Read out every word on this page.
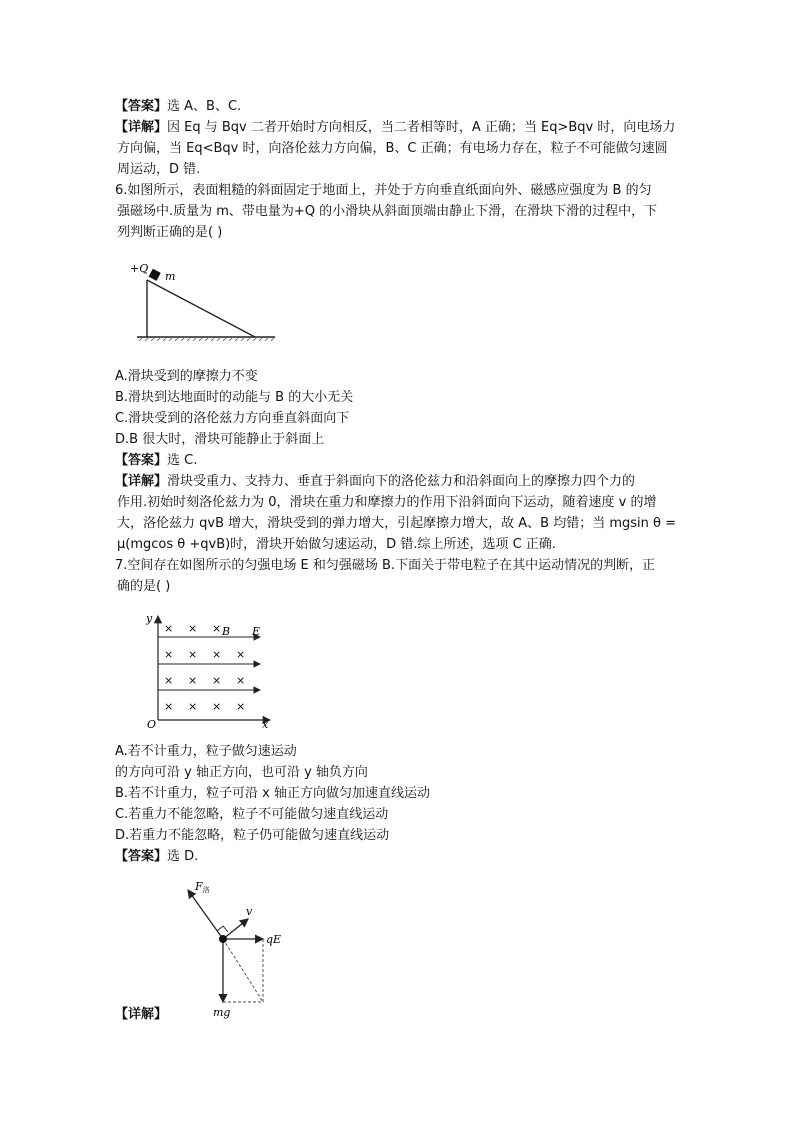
【答案】选 A、B、C.
【详解】因 Eq 与 Bqv 二者开始时方向相反，当二者相等时，A 正确；当 Eq>Bqv 时，向电场力
方向偏，当 Eq<Bqv 时，向洛伦兹力方向偏，B、C 正确；有电场力存在，粒子不可能做匀速圆
周运动，D 错.
6.如图所示，表面粗糙的斜面固定于地面上，并处于方向垂直纸面向外、磁感应强度为 B 的匀
强磁场中.质量为 m、带电量为+Q 的小滑块从斜面顶端由静止下滑，在滑块下滑的过程中，下
列判断正确的是( )
+Q
m
A.滑块受到的摩擦力不变
B.滑块到达地面时的动能与 B 的大小无关
C.滑块受到的洛伦兹力方向垂直斜面向下
D.B 很大时，滑块可能静止于斜面上
【答案】选 C.
【详解】滑块受重力、支持力、垂直于斜面向下的洛伦兹力和沿斜面向上的摩擦力四个力的
作用.初始时刻洛伦兹力为 0，滑块在重力和摩擦力的作用下沿斜面向下运动，随着速度 v 的增
大，洛伦兹力 qvB 增大，滑块受到的弹力增大，引起摩擦力增大，故 A、B 均错；当 mgsin θ =
μ(mgcos θ +qvB)时，滑块开始做匀速运动，D 错.综上所述，选项 C 正确.
7.空间存在如图所示的匀强电场 E 和匀强磁场 B.下面关于带电粒子在其中运动情况的判断，正
确的是( )
y
x
O
B E
× × ×
× × × ×
× × × ×
× × × ×
A.若不计重力，粒子做匀速运动
的方向可沿 y 轴正方向，也可沿 y 轴负方向
B.若不计重力，粒子可沿 x 轴正方向做匀加速直线运动
C.若重力不能忽略，粒子不可能做匀速直线运动
D.若重力不能忽略，粒子仍可能做匀速直线运动
【答案】选 D.
F洛
v
qE
mg
【详解】
